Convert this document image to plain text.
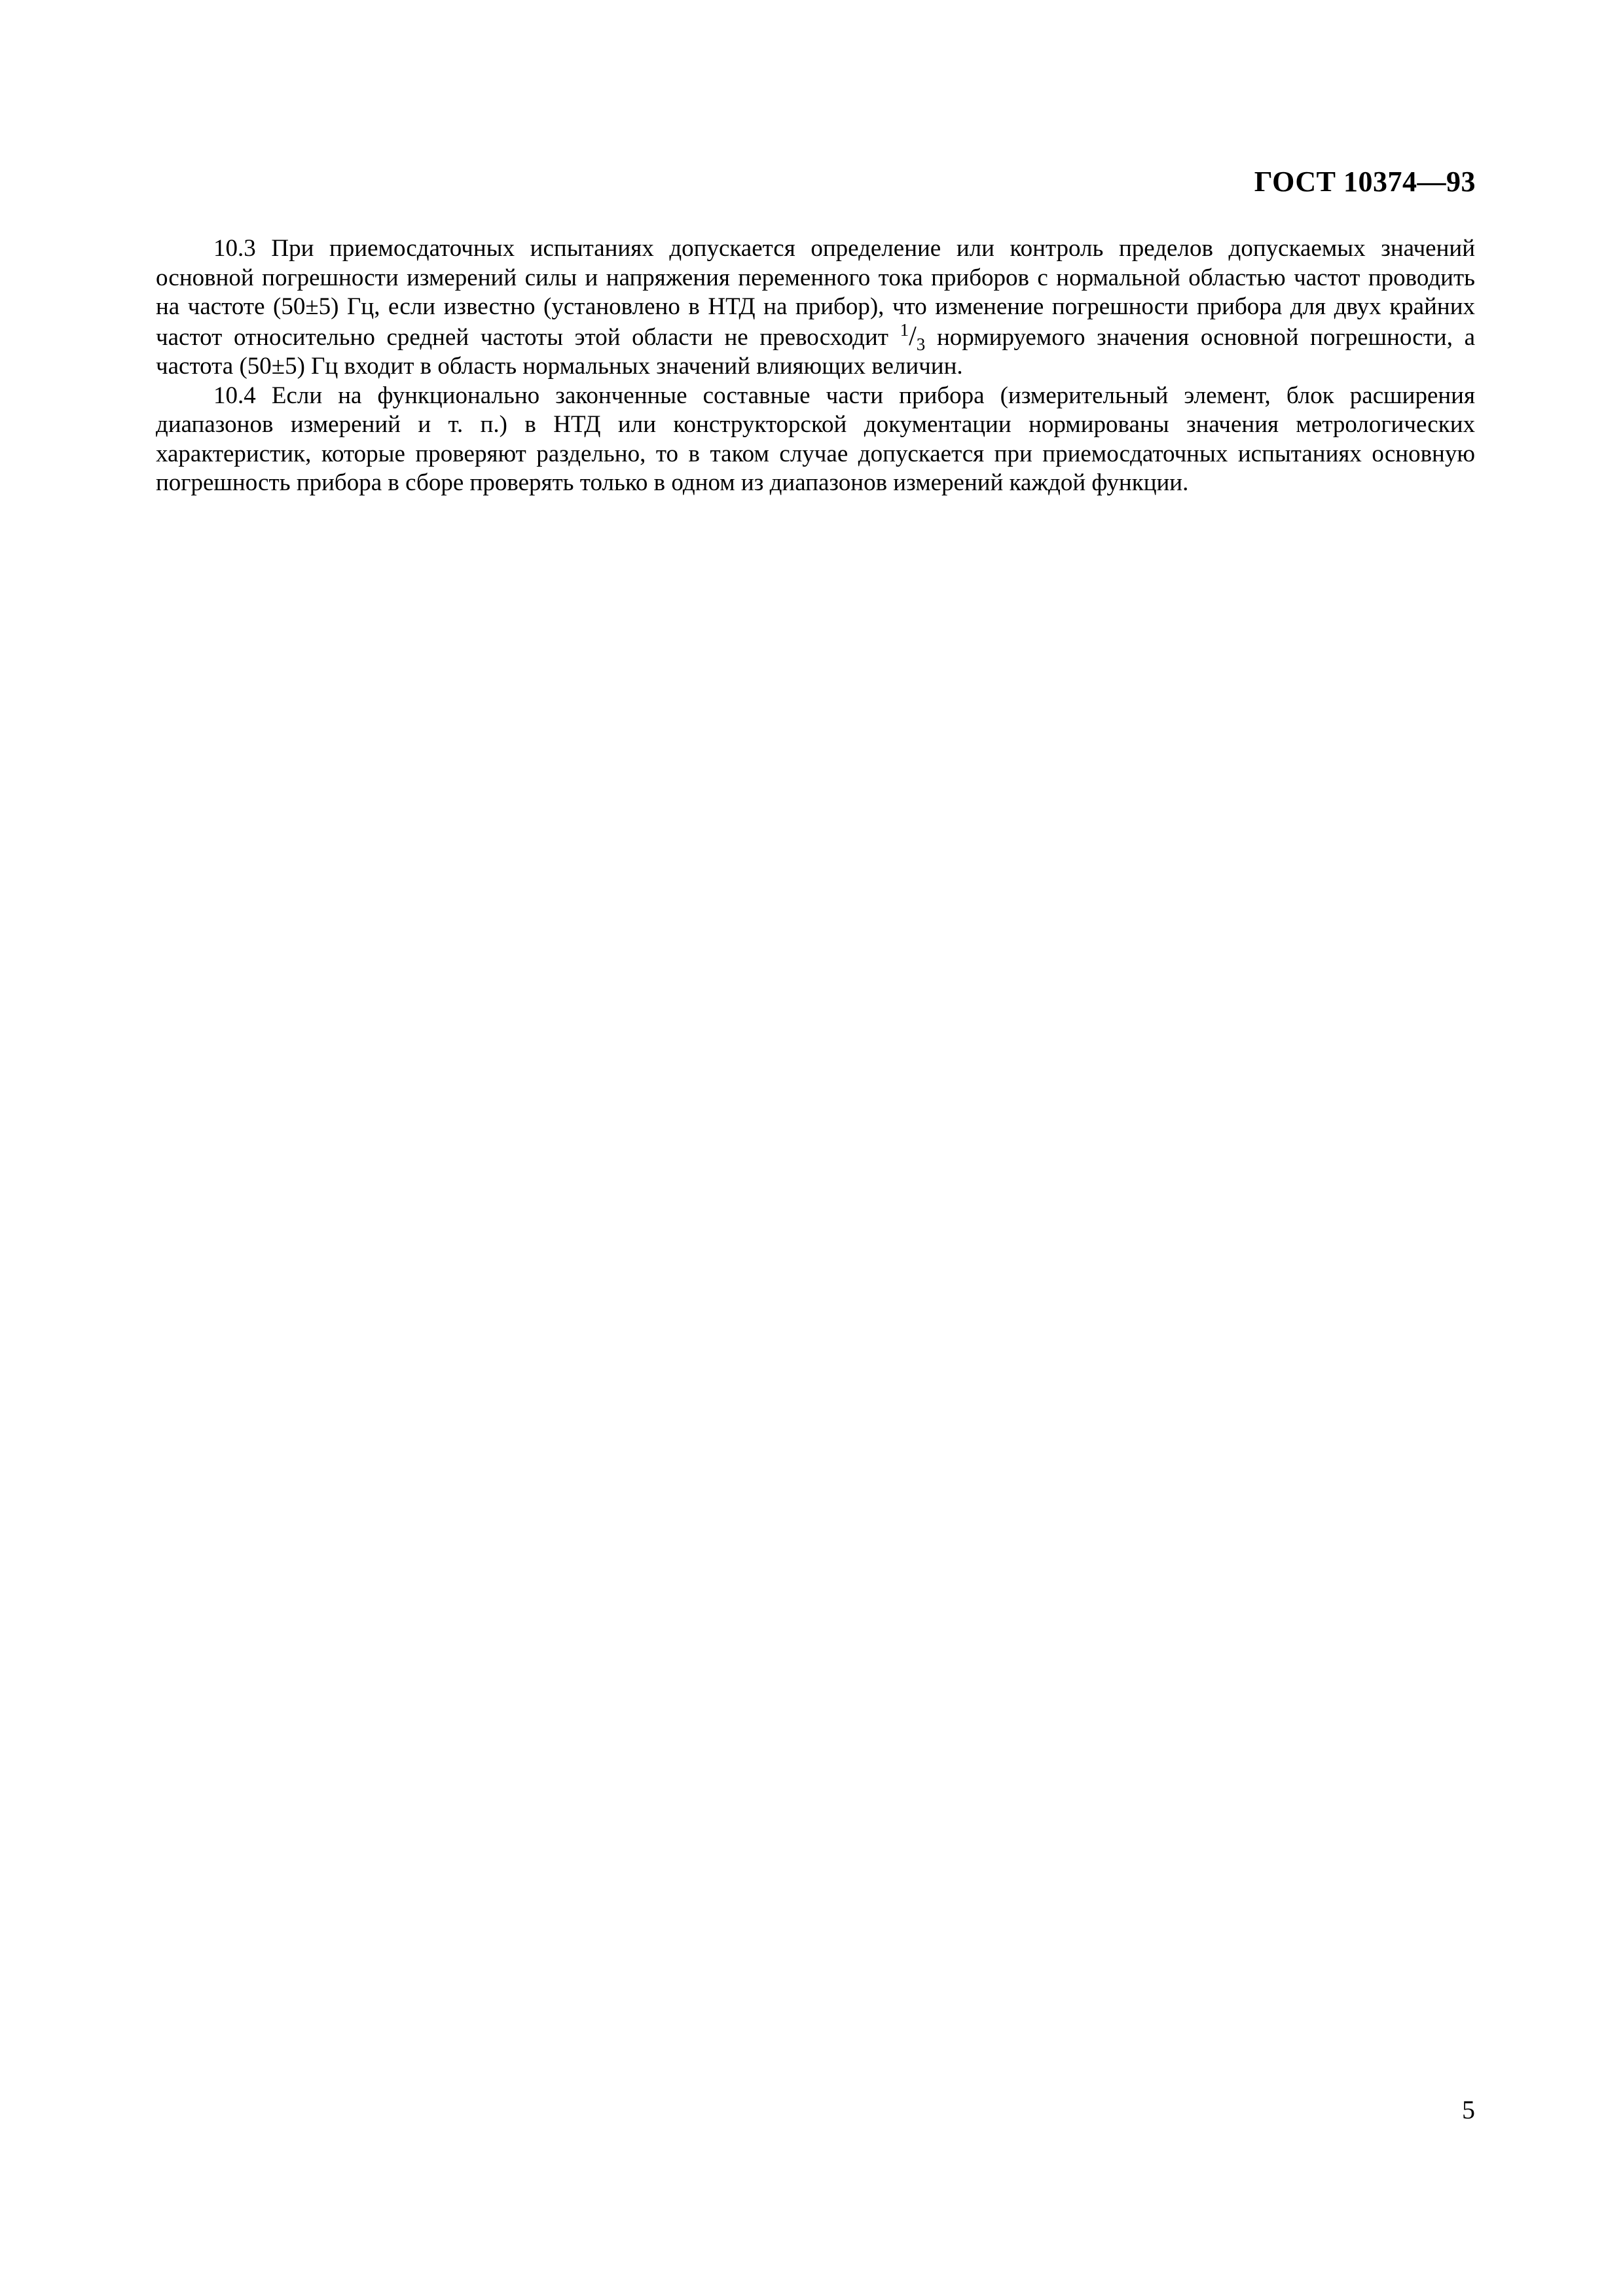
ГОСТ 10374—93

10.3 При приемосдаточных испытаниях допускается определение или контроль пределов допускаемых значений основной погрешности измерений силы и напряжения переменного тока приборов с нормальной областью частот проводить на частоте (50±5) Гц, если известно (установлено в НТД на прибор), что изменение погрешности прибора для двух крайних частот относительно средней частоты этой области не превосходит $^1/_3$ нормируемого значения основной погрешности, а частота (50±5) Гц входит в область нормальных значений влияющих величин.

10.4 Если на функционально законченные составные части прибора (измерительный элемент, блок расширения диапазонов измерений и т. п.) в НТД или конструкторской документации нормированы значения метрологических характеристик, которые проверяют раздельно, то в таком случае допускается при приемосдаточных испытаниях основную погрешность прибора в сборе проверять только в одном из диапазонов измерений каждой функции.

5
